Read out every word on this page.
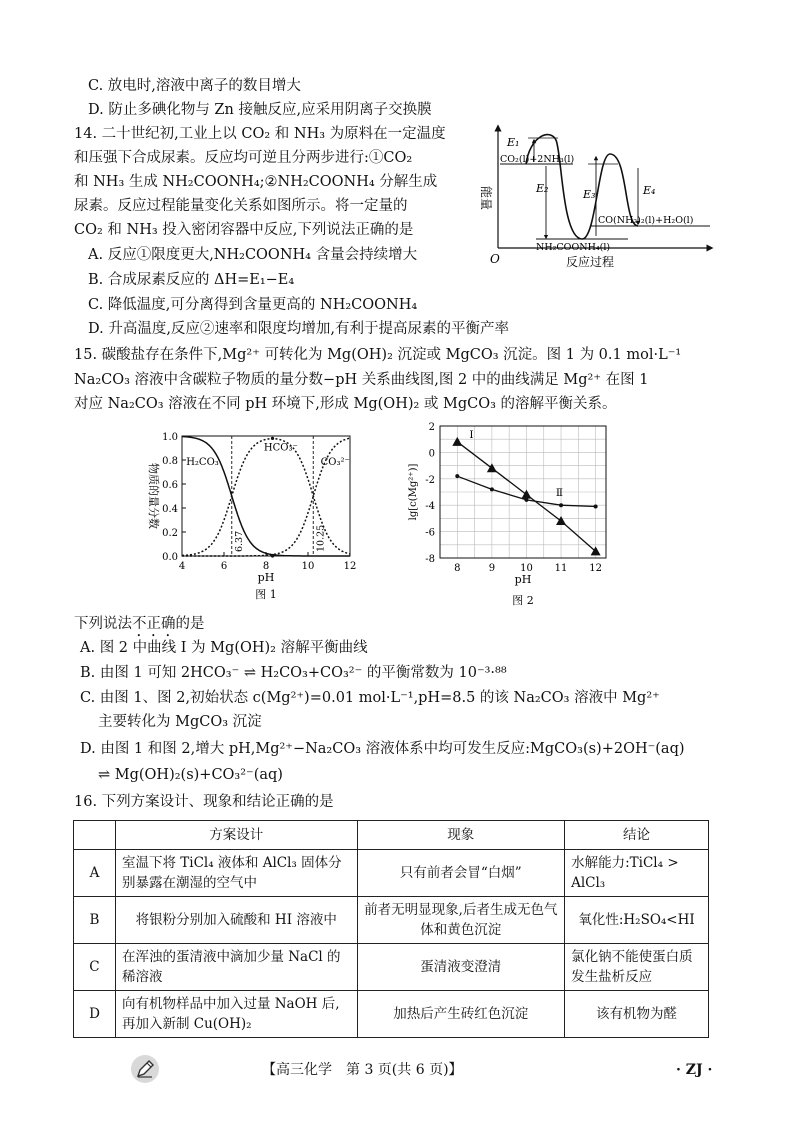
C. 放电时,溶液中离子的数目增大
D. 防止多碘化物与 Zn 接触反应,应采用阴离子交换膜
14. 二十世纪初,工业上以 CO₂ 和 NH₃ 为原料在一定温度
和压强下合成尿素。反应均可逆且分两步进行:①CO₂
和 NH₃ 生成 NH₂COONH₄;②NH₂COONH₄ 分解生成
尿素。反应过程能量变化关系如图所示。将一定量的
CO₂ 和 NH₃ 投入密闭容器中反应,下列说法正确的是
A. 反应①限度更大,NH₂COONH₄ 含量会持续增大
B. 合成尿素反应的 ΔH=E₁−E₄
C. 降低温度,可分离得到含量更高的 NH₂COONH₄
D. 升高温度,反应②速率和限度均增加,有利于提高尿素的平衡产率
能量
O	反应过程
E₁
E₂	E₃	E₄
CO₂(l)+2NH₃(l)
NH₂COONH₄(l)
CO(NH₂)₂(l)+H₂O(l)
15. 碳酸盐存在条件下,Mg²⁺ 可转化为 Mg(OH)₂ 沉淀或 MgCO₃ 沉淀。图 1 为 0.1 mol·L⁻¹
Na₂CO₃ 溶液中含碳粒子物质的量分数−pH 关系曲线图,图 2 中的曲线满足 Mg²⁺ 在图 1
对应 Na₂CO₃ 溶液在不同 pH 环境下,形成 Mg(OH)₂ 或 MgCO₃ 的溶解平衡关系。
0.0
0.2
0.4
0.6
0.8
1.0
4	6	8	10	12
pH
物质的量分数
图 1
6.37	10.25
H₂CO₃
HCO₃⁻
CO₃²⁻
2
0
-2
-4
-6
-8
8	9	10 11 12
pH
lg[c(Mg²⁺)]
图 2
Ⅰ
Ⅱ
下列说法不正确的是
A. 图 2 中曲线 Ⅰ 为 Mg(OH)₂ 溶解平衡曲线
B. 由图 1 可知 2HCO₃⁻ ⇌ H₂CO₃+CO₃²⁻ 的平衡常数为 10⁻³·⁸⁸
C. 由图 1、图 2,初始状态 c(Mg²⁺)=0.01 mol·L⁻¹,pH=8.5 的该 Na₂CO₃ 溶液中 Mg²⁺
主要转化为 MgCO₃ 沉淀
D. 由图 1 和图 2,增大 pH,Mg²⁺−Na₂CO₃ 溶液体系中均可发生反应:MgCO₃(s)+2OH⁻(aq)
⇌ Mg(OH)₂(s)+CO₃²⁻(aq)
16. 下列方案设计、现象和结论正确的是
	方案设计	现象	结论
A	室温下将 TiCl₄ 液体和 AlCl₃ 固体分别暴露在潮湿的空气中	只有前者会冒“白烟”	水解能力:TiCl₄ > AlCl₃
B	将银粉分别加入硫酸和 HI 溶液中	前者无明显现象,后者生成无色气体和黄色沉淀	氧化性:H₂SO₄<HI
C	在浑浊的蛋清液中滴加少量 NaCl 的稀溶液	蛋清液变澄清	氯化钠不能使蛋白质发生盐析反应
D	向有机物样品中加入过量 NaOH 后,再加入新制 Cu(OH)₂	加热后产生砖红色沉淀	该有机物为醛
【高三化学　第 3 页(共 6 页)】	· ZJ ·
